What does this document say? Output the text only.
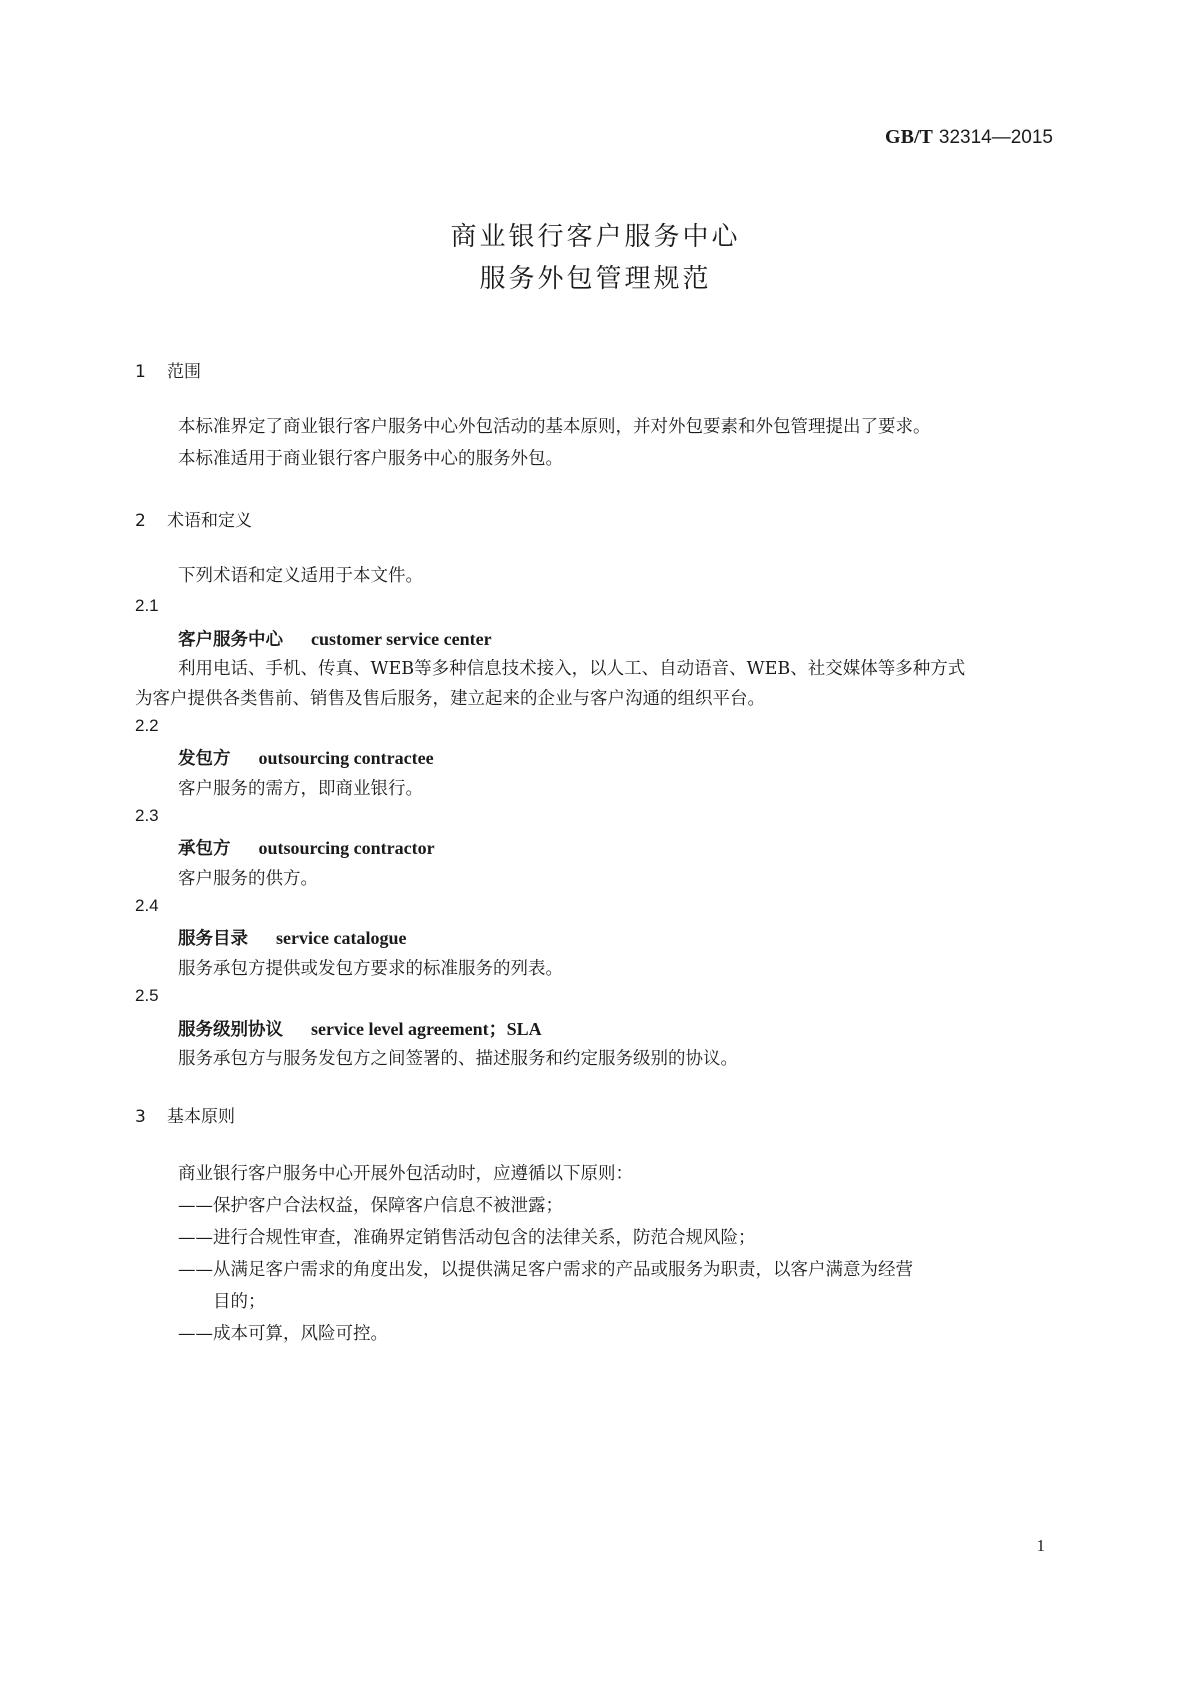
GB/T 32314—2015
商业银行客户服务中心
服务外包管理规范
1 范围
本标准界定了商业银行客户服务中心外包活动的基本原则，并对外包要素和外包管理提出了要求。
本标准适用于商业银行客户服务中心的服务外包。
2 术语和定义
下列术语和定义适用于本文件。
2.1
客户服务中心 customer service center
利用电话、手机、传真、WEB等多种信息技术接入，以人工、自动语音、WEB、社交媒体等多种方式
为客户提供各类售前、销售及售后服务，建立起来的企业与客户沟通的组织平台。
2.2
发包方 outsourcing contractee
客户服务的需方，即商业银行。
2.3
承包方 outsourcing contractor
客户服务的供方。
2.4
服务目录 service catalogue
服务承包方提供或发包方要求的标准服务的列表。
2.5
服务级别协议 service level agreement；SLA
服务承包方与服务发包方之间签署的、描述服务和约定服务级别的协议。
3 基本原则
商业银行客户服务中心开展外包活动时，应遵循以下原则：
——保护客户合法权益，保障客户信息不被泄露；
——进行合规性审查，准确界定销售活动包含的法律关系，防范合规风险；
——从满足客户需求的角度出发，以提供满足客户需求的产品或服务为职责，以客户满意为经营
目的；
——成本可算，风险可控。
1
